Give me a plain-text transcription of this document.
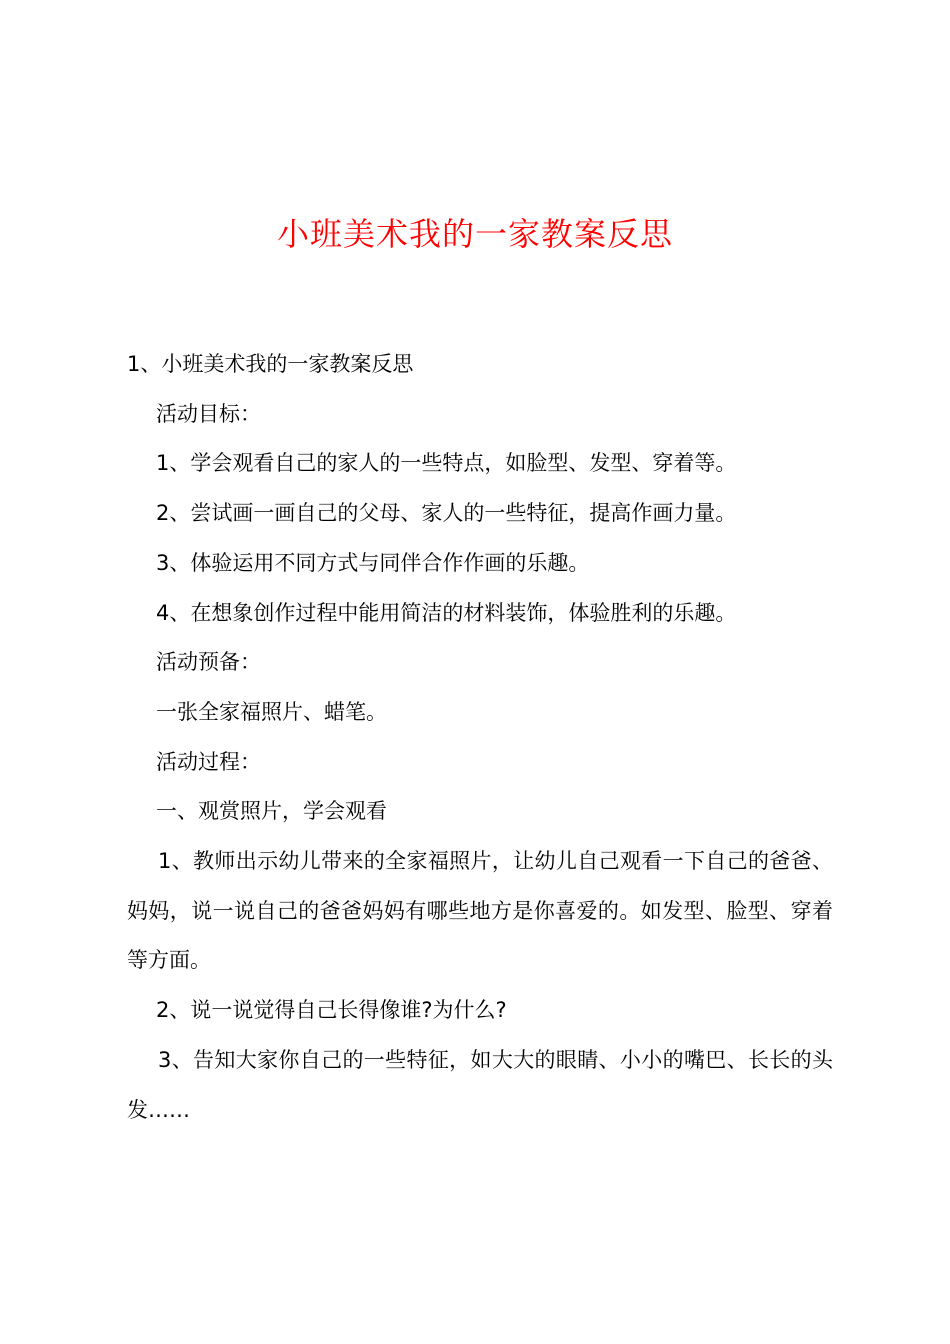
小班美术我的一家教案反思

1、小班美术我的一家教案反思

活动目标：

1、学会观看自己的家人的一些特点，如脸型、发型、穿着等。

2、尝试画一画自己的父母、家人的一些特征，提高作画力量。

3、体验运用不同方式与同伴合作作画的乐趣。

4、在想象创作过程中能用简洁的材料装饰，体验胜利的乐趣。

活动预备：

一张全家福照片、蜡笔。

活动过程：

一、观赏照片，学会观看

1、教师出示幼儿带来的全家福照片，让幼儿自己观看一下自己的爸爸、妈妈，说一说自己的爸爸妈妈有哪些地方是你喜爱的。如发型、脸型、穿着等方面。

2、说一说觉得自己长得像谁?为什么?

3、告知大家你自己的一些特征，如大大的眼睛、小小的嘴巴、长长的头发……
